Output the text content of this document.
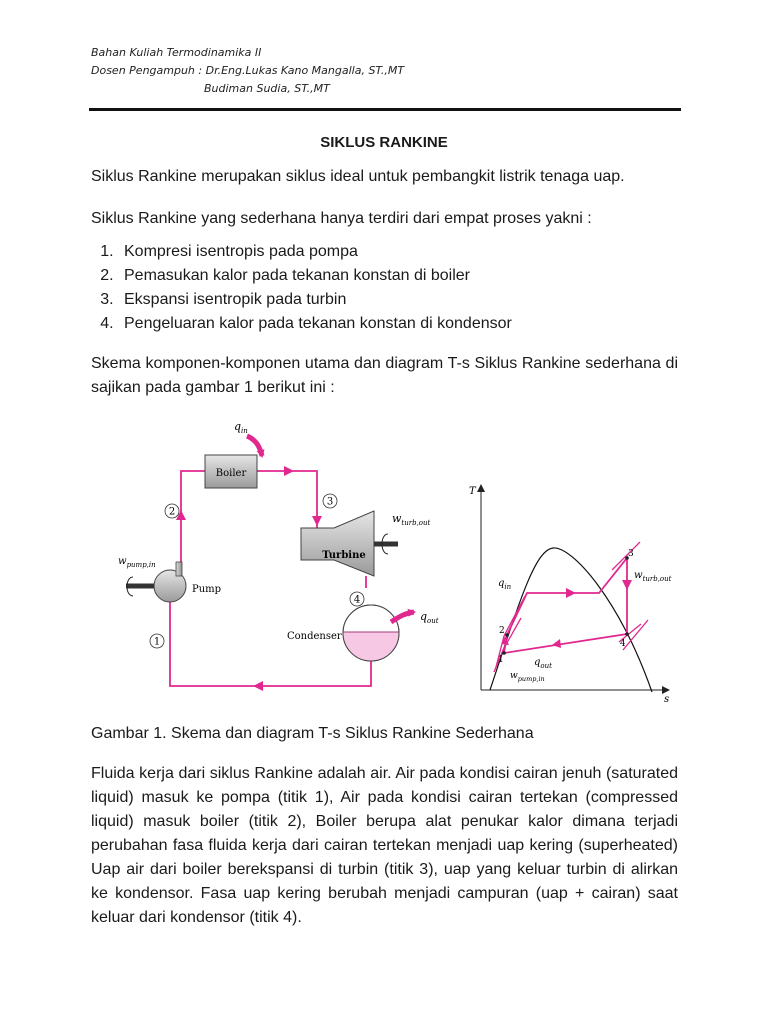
Bahan Kuliah Termodinamika II
Dosen Pengampuh : Dr.Eng.Lukas Kano Mangalla, ST.,MT
Budiman Sudia, ST.,MT
SIKLUS RANKINE
Siklus Rankine merupakan siklus ideal untuk pembangkit listrik tenaga uap.
Siklus Rankine yang sederhana hanya terdiri dari empat proses yakni :
1. Kompresi isentropis pada pompa
2. Pemasukan kalor pada tekanan konstan di boiler
3. Ekspansi isentropik pada turbin
4. Pengeluaran kalor pada tekanan konstan di kondensor
Skema komponen-komponen utama dan diagram T-s Siklus Rankine sederhana di sajikan pada gambar 1 berikut ini :
Boiler
$q_{in}$
Turbine
$w_{turb,out}$
Pump
$w_{pump,in}$
Condenser
$q_{out}$
2
3
4
1
T
s
1
2
3
4
$q_{in}$
$q_{out}$
$w_{turb,out}$
$w_{pump,in}$
Gambar 1. Skema dan diagram T-s Siklus Rankine Sederhana
Fluida kerja dari siklus Rankine adalah air. Air pada kondisi cairan jenuh (saturated liquid) masuk ke pompa (titik 1), Air pada kondisi cairan tertekan (compressed liquid) masuk boiler (titik 2), Boiler berupa alat penukar kalor dimana terjadi perubahan fasa fluida kerja dari cairan tertekan menjadi uap kering (superheated) Uap air dari boiler berekspansi di turbin (titik 3), uap yang keluar turbin di alirkan ke kondensor. Fasa uap kering berubah menjadi campuran (uap + cairan) saat keluar dari kondensor (titik 4).
